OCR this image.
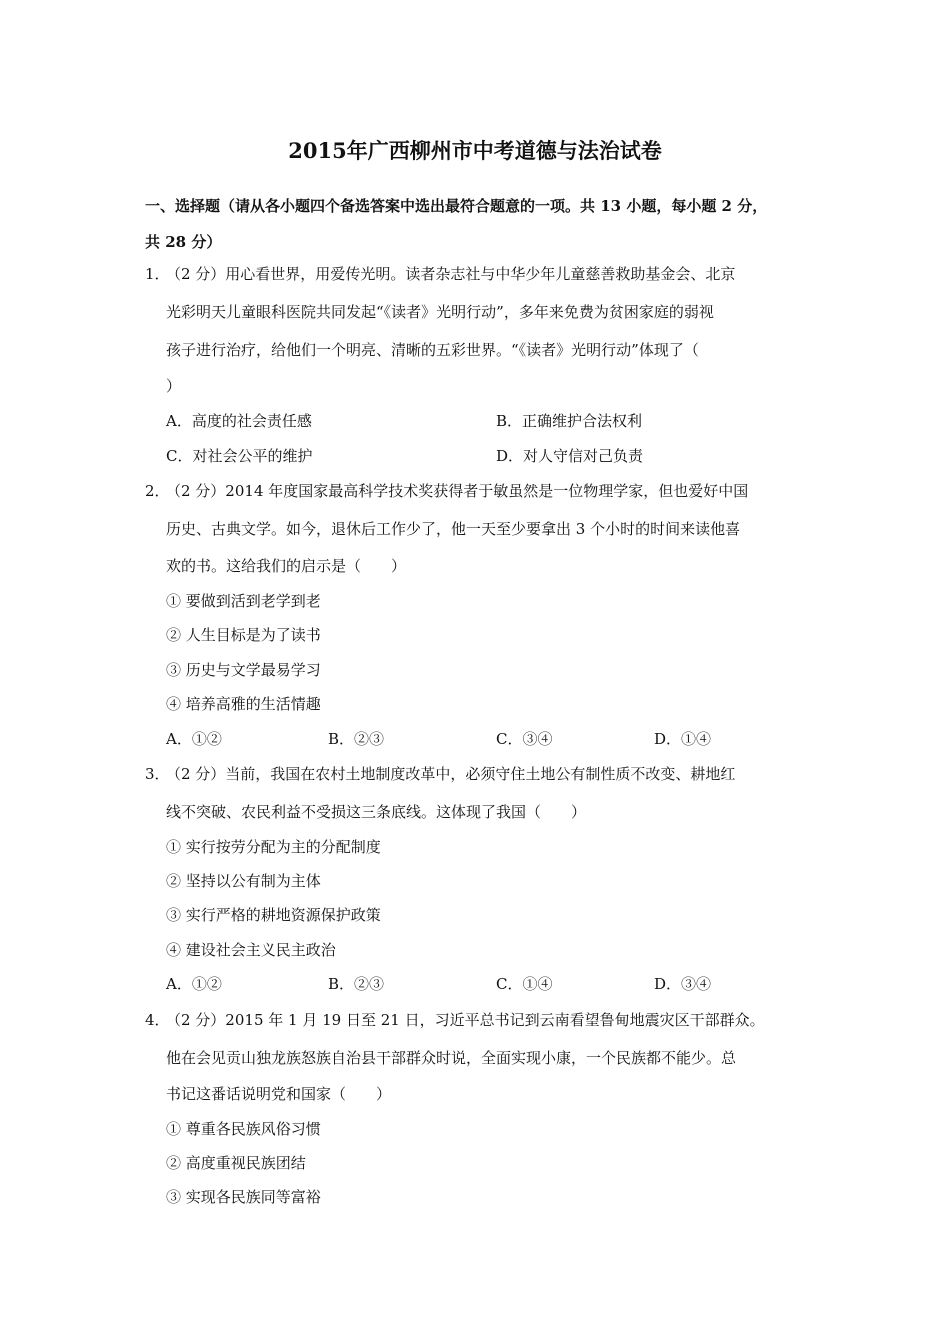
2015年广西柳州市中考道德与法治试卷
一、选择题（请从各小题四个备选答案中选出最符合题意的一项。共 13 小题，每小题 2 分，
共 28 分）
1．
（2 分）用心看世界，用爱传光明。读者杂志社与中华少年儿童慈善救助基金会、北京
光彩明天儿童眼科医院共同发起“《读者》光明行动”，多年来免费为贫困家庭的弱视
孩子进行治疗，给他们一个明亮、清晰的五彩世界。“《读者》光明行动”体现了（
）
A．高度的社会责任感	B．正确维护合法权利
C．对社会公平的维护	D．对人守信对己负责
2．
（2 分）2014 年度国家最高科学技术奖获得者于敏虽然是一位物理学家，但也爱好中国
历史、古典文学。如今，退休后工作少了，他一天至少要拿出 3 个小时的时间来读他喜
欢的书。这给我们的启示是（　　）
① 要做到活到老学到老
② 人生目标是为了读书
③ 历史与文学最易学习
④ 培养高雅的生活情趣
A．①②	B．②③	C．③④	D．①④
3．
（2 分）当前，我国在农村土地制度改革中，必须守住土地公有制性质不改变、耕地红
线不突破、农民利益不受损这三条底线。这体现了我国（　　）
① 实行按劳分配为主的分配制度
② 坚持以公有制为主体
③ 实行严格的耕地资源保护政策
④ 建设社会主义民主政治
A．①②	B．②③	C．①④	D．③④
4．
（2 分）2015 年 1 月 19 日至 21 日，习近平总书记到云南看望鲁甸地震灾区干部群众。
他在会见贡山独龙族怒族自治县干部群众时说，全面实现小康，一个民族都不能少。总
书记这番话说明党和国家（　　）
① 尊重各民族风俗习惯
② 高度重视民族团结
③ 实现各民族同等富裕
